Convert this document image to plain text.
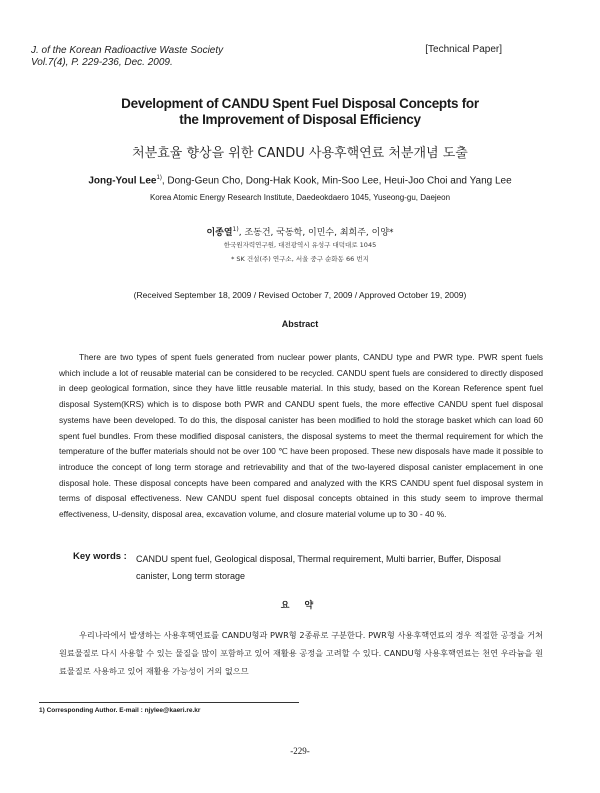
J. of the Korean Radioactive Waste Society
Vol.7(4), P. 229-236, Dec. 2009.
[Technical Paper]
Development of CANDU Spent Fuel Disposal Concepts for
the Improvement of Disposal Efficiency
처분효율 향상을 위한 CANDU 사용후핵연료 처분개념 도출
Jong-Youl Lee$^{1)}$, Dong-Geun Cho, Dong-Hak Kook, Min-Soo Lee, Heui-Joo Choi and Yang Lee
Korea Atomic Energy Research Institute, Daedeokdaero 1045, Yuseong-gu, Daejeon
이종열$^{1)}$, 조동건, 국동학, 이민수, 최희주, 이양*
한국원자력연구원, 대전광역시 유성구 대덕대로 1045
* SK 건설(주) 연구소, 서울 중구 순화동 66 번지
(Received September 18, 2009 / Revised October 7, 2009 / Approved October 19, 2009)
Abstract
There are two types of spent fuels generated from nuclear power plants, CANDU type and PWR type. PWR spent fuels which include a lot of reusable material can be considered to be recycled. CANDU spent fuels are considered to directly disposed in deep geological formation, since they have little reusable material. In this study, based on the Korean Reference spent fuel disposal System(KRS) which is to dispose both PWR and CANDU spent fuels, the more effective CANDU spent fuel disposal systems have been developed. To do this, the disposal canister has been modified to hold the storage basket which can load 60 spent fuel bundles. From these modified disposal canisters, the disposal systems to meet the thermal requirement for which the temperature of the buffer materials should not be over 100 ℃ have been proposed. These new disposals have made it possible to introduce the concept of long term storage and retrievability and that of the two-layered disposal canister emplacement in one disposal hole. These disposal concepts have been compared and analyzed with the KRS CANDU spent fuel disposal system in terms of disposal effectiveness. New CANDU spent fuel disposal concepts obtained in this study seem to improve thermal effectiveness, U-density, disposal area, excavation volume, and closure material volume up to 30 - 40 %.
Key words : CANDU spent fuel, Geological disposal, Thermal requirement, Multi barrier, Buffer, Disposal canister, Long term storage
요 약
우리나라에서 발생하는 사용후핵연료를 CANDU형과 PWR형 2종류로 구분한다. PWR형 사용후핵연료의 경우 적절한 공정을 거쳐 원료물질로 다시 사용할 수 있는 물질을 많이 포함하고 있어 재활용 공정을 고려할 수 있다. CANDU형 사용후핵연료는 천연 우라늄을 원료물질로 사용하고 있어 재활용 가능성이 거의 없으므
1) Corresponding Author. E-mail : njylee@kaeri.re.kr
-229-
